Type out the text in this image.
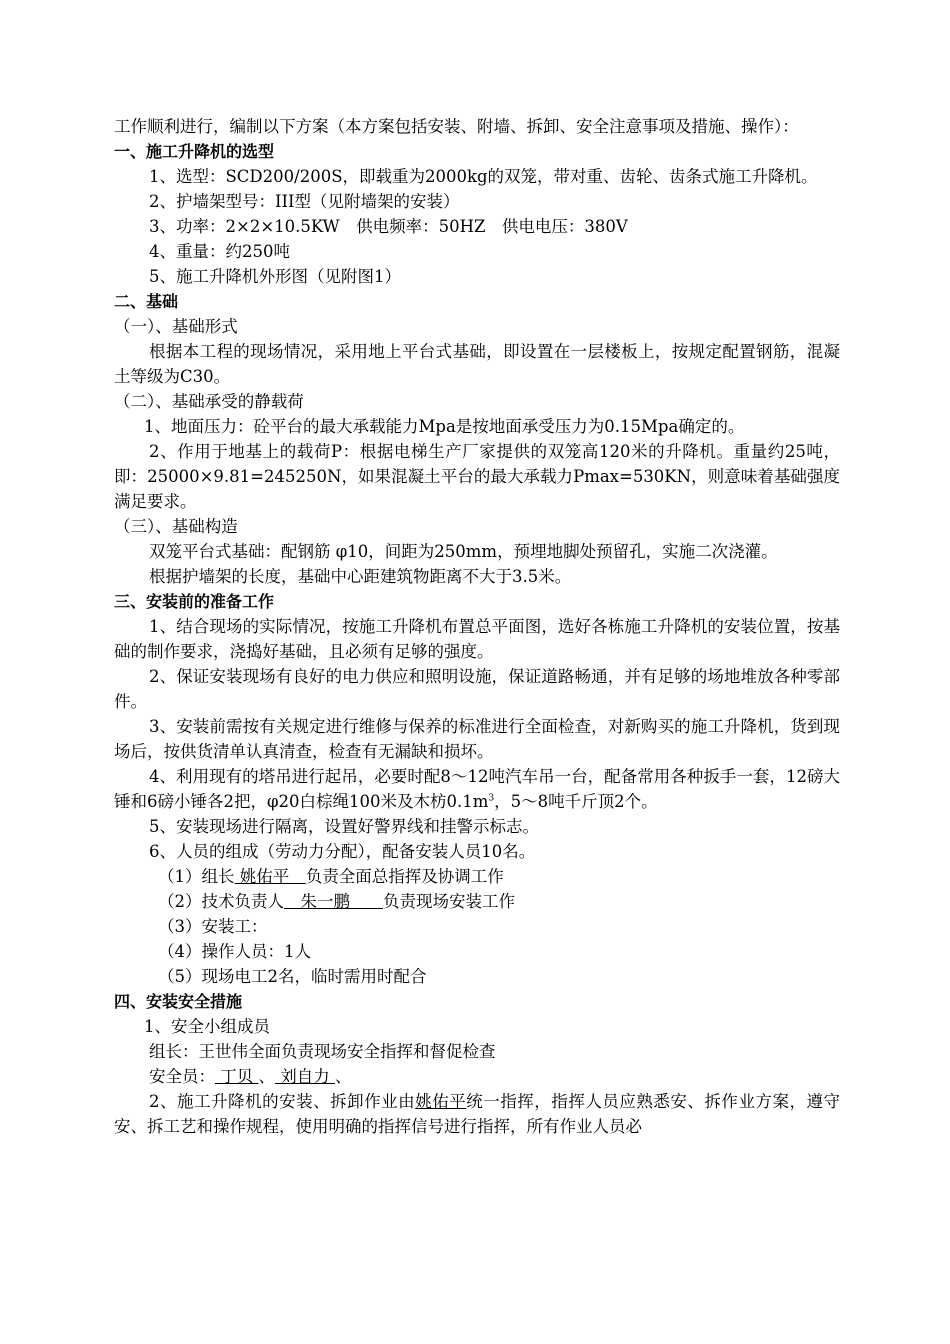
工作顺利进行，编制以下方案（本方案包括安装、附墙、拆卸、安全注意事项及措施、操作）：

一、施工升降机的选型

1、选型：SCD200/200S，即载重为2000kg的双笼，带对重、齿轮、齿条式施工升降机。

2、护墙架型号：III型（见附墙架的安装）

3、功率：2×2×10.5KW　供电频率：50HZ　供电电压：380V

4、重量：约250吨

5、施工升降机外形图（见附图1）

二、基础

（一）、基础形式

根据本工程的现场情况，采用地上平台式基础，即设置在一层楼板上，按规定配置钢筋，混凝土等级为C30。

（二）、基础承受的静载荷

1、地面压力：砼平台的最大承载能力Mpa是按地面承受压力为0.15Mpa确定的。

2、作用于地基上的载荷P：根据电梯生产厂家提供的双笼高120米的升降机。重量约25吨，即：25000×9.81=245250N，如果混凝土平台的最大承载力Pmax=530KN，则意味着基础强度满足要求。

（三）、基础构造

双笼平台式基础：配钢筋 φ10，间距为250mm，预埋地脚处预留孔，实施二次浇灌。

根据护墙架的长度，基础中心距建筑物距离不大于3.5米。

三、安装前的准备工作

1、结合现场的实际情况，按施工升降机布置总平面图，选好各栋施工升降机的安装位置，按基础的制作要求，浇捣好基础，且必须有足够的强度。

2、保证安装现场有良好的电力供应和照明设施，保证道路畅通，并有足够的场地堆放各种零部件。

3、安装前需按有关规定进行维修与保养的标准进行全面检查，对新购买的施工升降机，货到现场后，按供货清单认真清查，检查有无漏缺和损坏。

4、利用现有的塔吊进行起吊，必要时配8～12吨汽车吊一台，配备常用各种扳手一套，12磅大锤和6磅小锤各2把，φ20白棕绳100米及木枋$0.1m^3$，5～8吨千斤顶2个。

5、安装现场进行隔离，设置好警界线和挂警示标志。

6、人员的组成（劳动力分配），配备安装人员10名。

（1）组长 姚佑平　负责全面总指挥及协调工作

（2）技术负责人　朱一鹏　　负责现场安装工作

（3）安装工：

（4）操作人员：1人

（5）现场电工2名，临时需用时配合

四、安装安全措施

1、安全小组成员

组长：王世伟全面负责现场安全指挥和督促检查

安全员： 丁贝 、 刘自力 、

2、施工升降机的安装、拆卸作业由姚佑平统一指挥，指挥人员应熟悉安、拆作业方案，遵守安、拆工艺和操作规程，使用明确的指挥信号进行指挥，所有作业人员必
